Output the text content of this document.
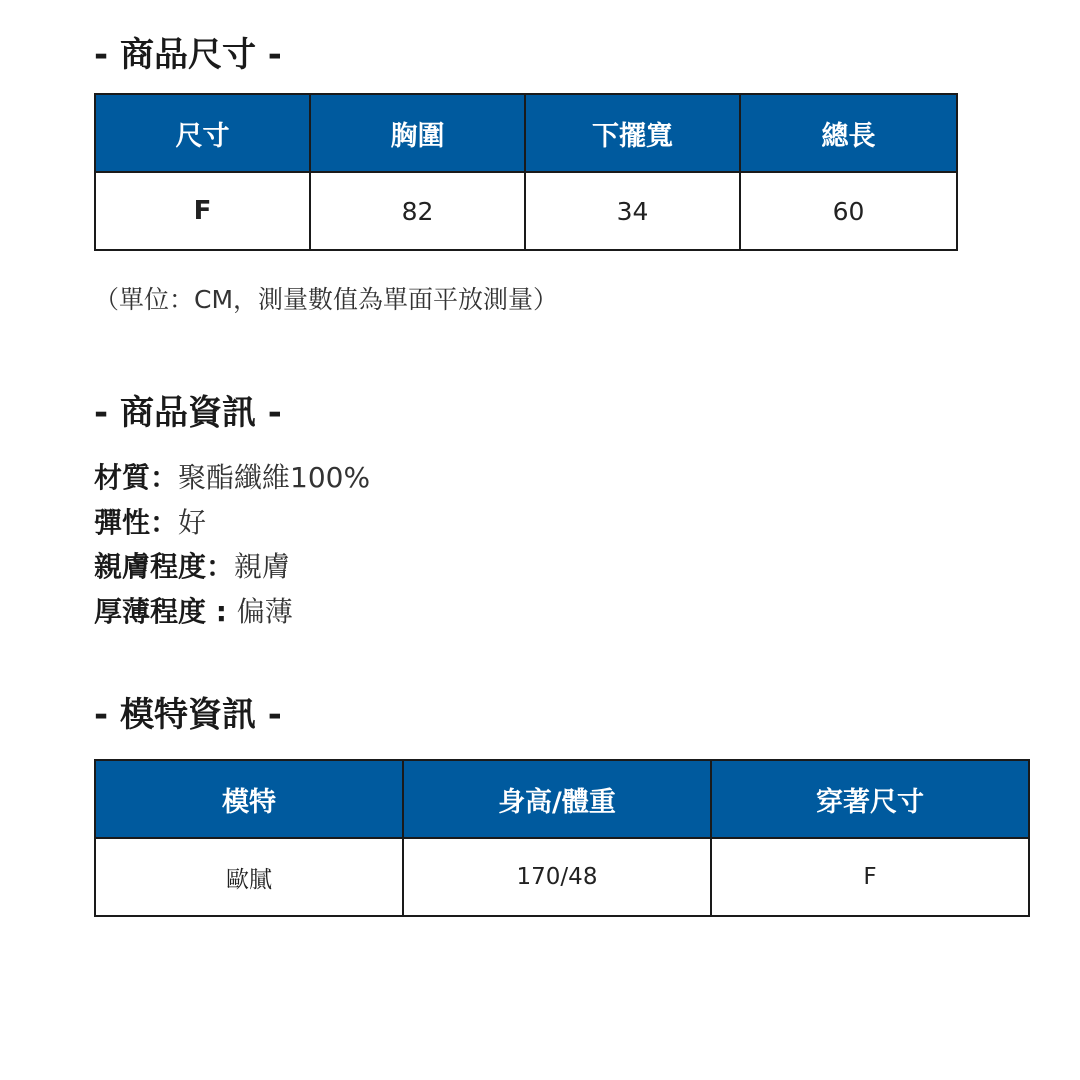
- 商品尺寸 -
尺寸	胸圍	下擺寬	總長
F	82	34	60

（單位：CM，測量數值為單面平放測量）

- 商品資訊 -
材質：聚酯纖維100%
彈性：好
親膚程度：親膚
厚薄程度 : 偏薄
- 模特資訊 -
模特	身高/體重	穿著尺寸
歐膩	170/48	F
